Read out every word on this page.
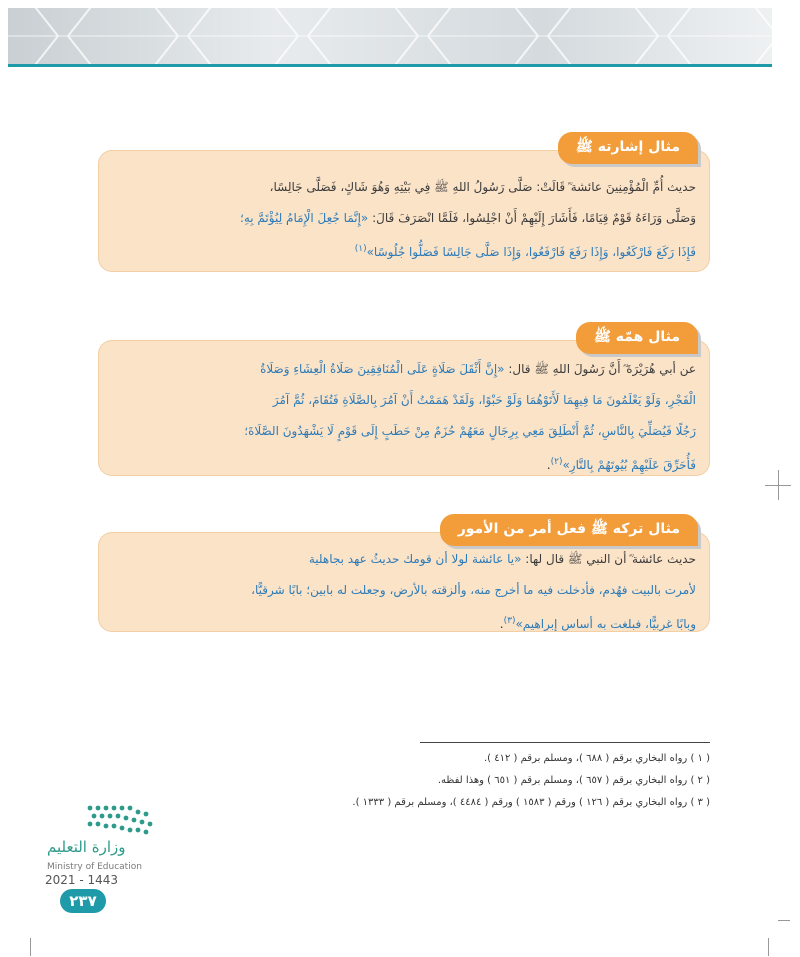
مثال إشارته ﷺ
حديث أُمِّ الْمُؤْمِنِينَ عائشة ؓ قَالَتْ: صَلَّى رَسُولُ اللهِ ﷺ فِي بَيْتِهِ وَهُوَ شَاكٍ، فَصَلَّى جَالِسًا،
وَصَلَّى وَرَاءَهُ قَوْمٌ قِيَامًا، فَأَشَارَ إِلَيْهِمْ أَنْ اجْلِسُوا، فَلَمَّا انْصَرَفَ قَالَ: «إِنَّمَا جُعِلَ الْإِمَامُ لِيُؤْتَمَّ بِهِ؛
فَإِذَا رَكَعَ فَارْكَعُوا، وَإِذَا رَفَعَ فَارْفَعُوا، وَإِذَا صَلَّى جَالِسًا فَصَلُّوا جُلُوسًا»$^{(١)}$
مثال همّه ﷺ
عن أبي هُرَيْرَةَ ؓ أَنَّ رَسُولَ اللهِ ﷺ قال: «إِنَّ أَثْقَلَ صَلَاةٍ عَلَى الْمُنَافِقِينَ صَلَاةُ الْعِشَاءِ وَصَلَاةُ
الْفَجْرِ، وَلَوْ يَعْلَمُونَ مَا فِيهِمَا لَأَتَوْهُمَا وَلَوْ حَبْوًا، وَلَقَدْ هَمَمْتُ أَنْ آمُرَ بِالصَّلَاةِ فَتُقَامَ، ثُمَّ آمُرَ
رَجُلًا فَيُصَلِّيَ بِالنَّاسِ، ثُمَّ أَنْطَلِقَ مَعِي بِرِجَالٍ مَعَهُمْ حُزَمٌ مِنْ حَطَبٍ إِلَى قَوْمٍ لَا يَشْهَدُونَ الصَّلَاةَ؛
فَأُحَرِّقَ عَلَيْهِمْ بُيُوتَهُمْ بِالنَّارِ»$^{(٢)}$.
مثال تركه ﷺ فعل أمر من الأمور
حديث عائشة ؓ أن النبي ﷺ قال لها: «يا عائشة لولا أن قومك حديثُ عهد بجاهلية
لأمرت بالبيت فهُدم، فأدخلت فيه ما أخرج منه، وألزقته بالأرض، وجعلت له بابين؛ بابًا شرقيًّا،
وبابًا غربيًّا، فبلغت به أساس إبراهيم»$^{(٣)}$.
( ١ ) رواه البخاري برقم ( ٦٨٨ )، ومسلم برقم ( ٤١٢ ).
( ٢ ) رواه البخاري برقم ( ٦٥٧ )، ومسلم برقم ( ٦٥١ ) وهذا لفظه.
( ٣ ) رواه البخاري برقم ( ١٢٦ ) ورقم ( ١٥٨٣ ) ورقم ( ٤٤٨٤ )، ومسلم برقم ( ١٣٣٣ ).
وزارة التعليم
Ministry of Education
2021 - 1443
٢٣٧
